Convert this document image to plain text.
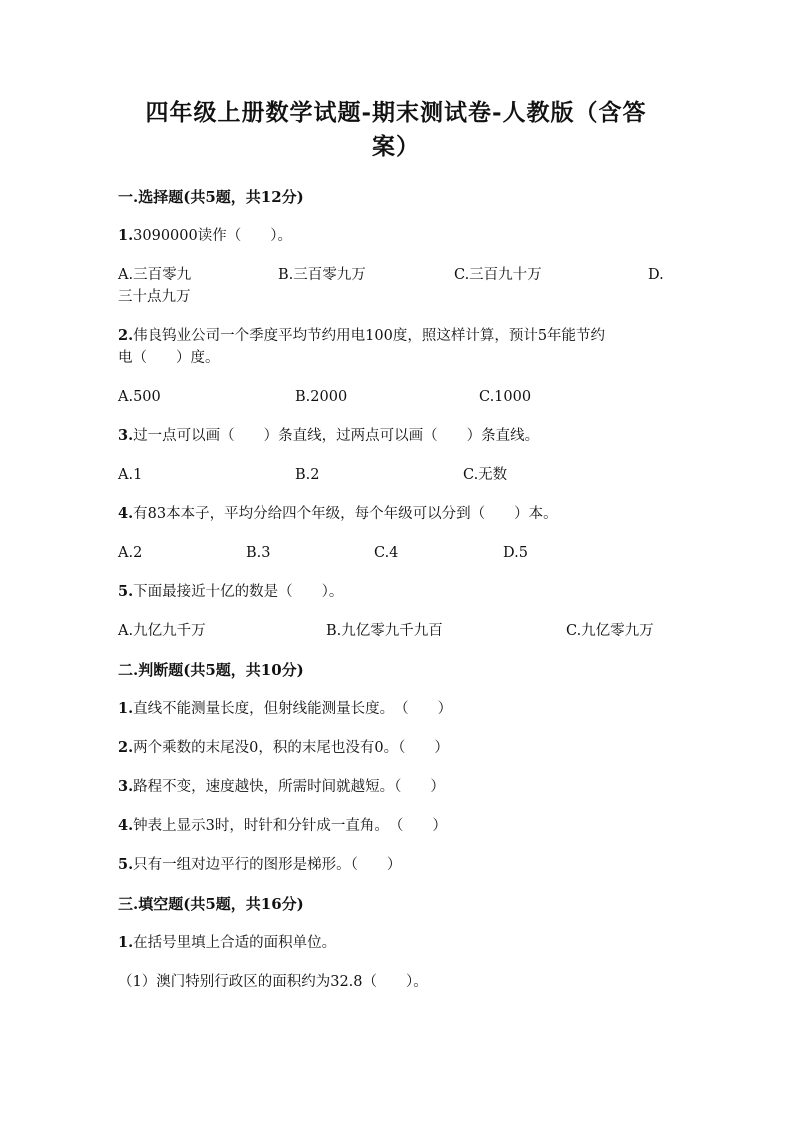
四年级上册数学试题-期末测试卷-人教版（含答
案）
一.选择题(共5题，共12分)
1.3090000读作（　　）。
A.三百零九	B.三百零九万	C.三百九十万	D.
三十点九万
2.伟良钨业公司一个季度平均节约用电100度，照这样计算，预计5年能节约
电（　　）度。
A.500	B.2000	C.1000
3.过一点可以画（　　）条直线，过两点可以画（　　）条直线。
A.1	B.2	C.无数
4.有83本本子，平均分给四个年级，每个年级可以分到（　　）本。
A.2	B.3	C.4	D.5
5.下面最接近十亿的数是（　　）。
A.九亿九千万	B.九亿零九千九百	C.九亿零九万
二.判断题(共5题，共10分)
1.直线不能测量长度，但射线能测量长度。　（　　）
2.两个乘数的末尾没0，积的末尾也没有0。（　　）
3.路程不变，速度越快，所需时间就越短。（　　）
4.钟表上显示3时，时针和分针成一直角。　（　　）
5.只有一组对边平行的图形是梯形。（　　）
三.填空题(共5题，共16分)
1.在括号里填上合适的面积单位。
（1）澳门特别行政区的面积约为32.8（　　）。
